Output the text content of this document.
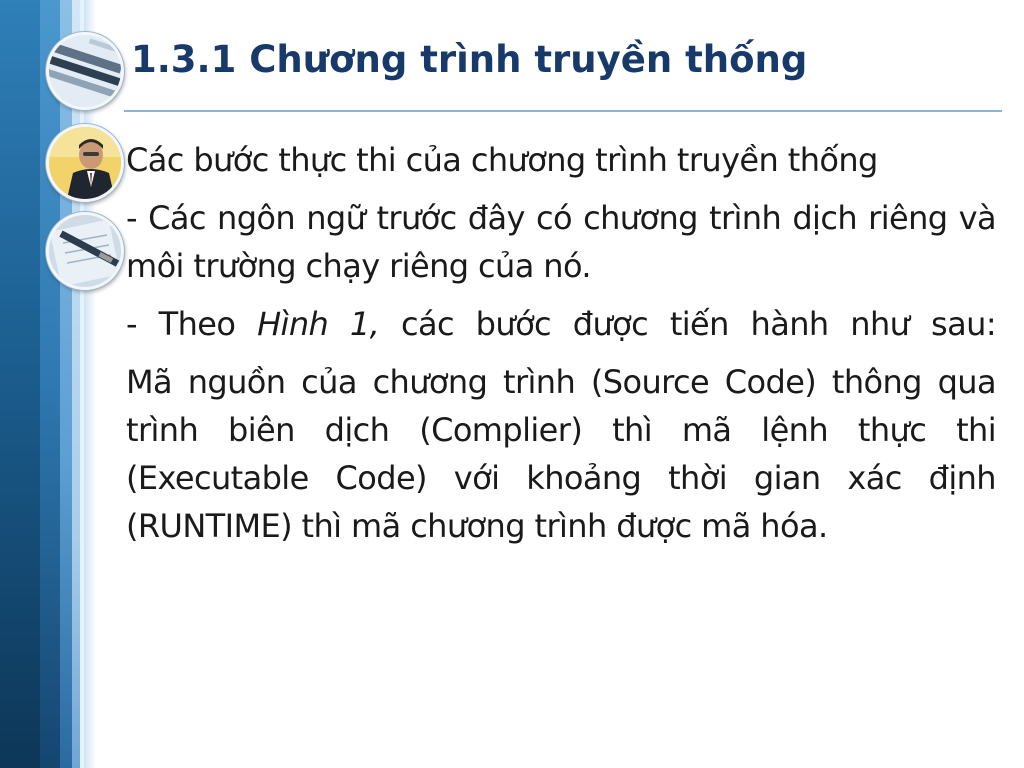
1.3.1 Chương trình truyền thống

Các bước thực thi của chương trình truyền thống

- Các ngôn ngữ trước đây có chương trình dịch riêng và môi trường chạy riêng của nó.

- Theo Hình 1, các bước được tiến hành như sau:

Mã nguồn của chương trình (Source Code) thông qua trình biên dịch (Complier) thì mã lệnh thực thi (Executable Code) với khoảng thời gian xác định (RUNTIME) thì mã chương trình được mã hóa.
